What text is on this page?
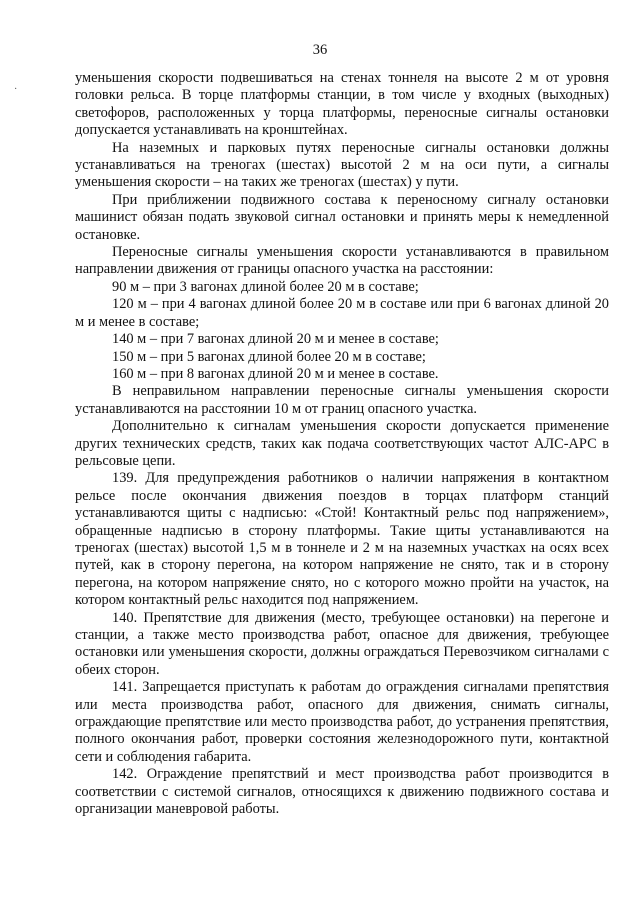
36
·

уменьшения скорости подвешиваться на стенах тоннеля на высоте 2 м от уровня головки рельса. В торце платформы станции, в том числе у входных (выходных) светофоров, расположенных у торца платформы, переносные сигналы остановки допускается устанавливать на кронштейнах.

На наземных и парковых путях переносные сигналы остановки должны устанавливаться на треногах (шестах) высотой 2 м на оси пути, а сигналы уменьшения скорости – на таких же треногах (шестах) у пути.

При приближении подвижного состава к переносному сигналу остановки машинист обязан подать звуковой сигнал остановки и принять меры к немедленной остановке.

Переносные сигналы уменьшения скорости устанавливаются в правильном направлении движения от границы опасного участка на расстоянии:

90 м – при 3 вагонах длиной более 20 м в составе;

120 м – при 4 вагонах длиной более 20 м в составе или при 6 вагонах длиной 20 м и менее в составе;

140 м – при 7 вагонах длиной 20 м и менее в составе;

150 м – при 5 вагонах длиной более 20 м в составе;

160 м – при 8 вагонах длиной 20 м и менее в составе.

В неправильном направлении переносные сигналы уменьшения скорости устанавливаются на расстоянии 10 м от границ опасного участка.

Дополнительно к сигналам уменьшения скорости допускается применение других технических средств, таких как подача соответствующих частот АЛС-АРС в рельсовые цепи.

139. Для предупреждения работников о наличии напряжения в контактном рельсе после окончания движения поездов в торцах платформ станций устанавливаются щиты с надписью: «Стой! Контактный рельс под напряжением», обращенные надписью в сторону платформы. Такие щиты устанавливаются на треногах (шестах) высотой 1,5 м в тоннеле и 2 м на наземных участках на осях всех путей, как в сторону перегона, на котором напряжение не снято, так и в сторону перегона, на котором напряжение снято, но с которого можно пройти на участок, на котором контактный рельс находится под напряжением.

140. Препятствие для движения (место, требующее остановки) на перегоне и станции, а также место производства работ, опасное для движения, требующее остановки или уменьшения скорости, должны ограждаться Перевозчиком сигналами с обеих сторон.

141. Запрещается приступать к работам до ограждения сигналами препятствия или места производства работ, опасного для движения, снимать сигналы, ограждающие препятствие или место производства работ, до устранения препятствия, полного окончания работ, проверки состояния железнодорожного пути, контактной сети и соблюдения габарита.

142. Ограждение препятствий и мест производства работ производится в соответствии с системой сигналов, относящихся к движению подвижного состава и организации маневровой работы.
